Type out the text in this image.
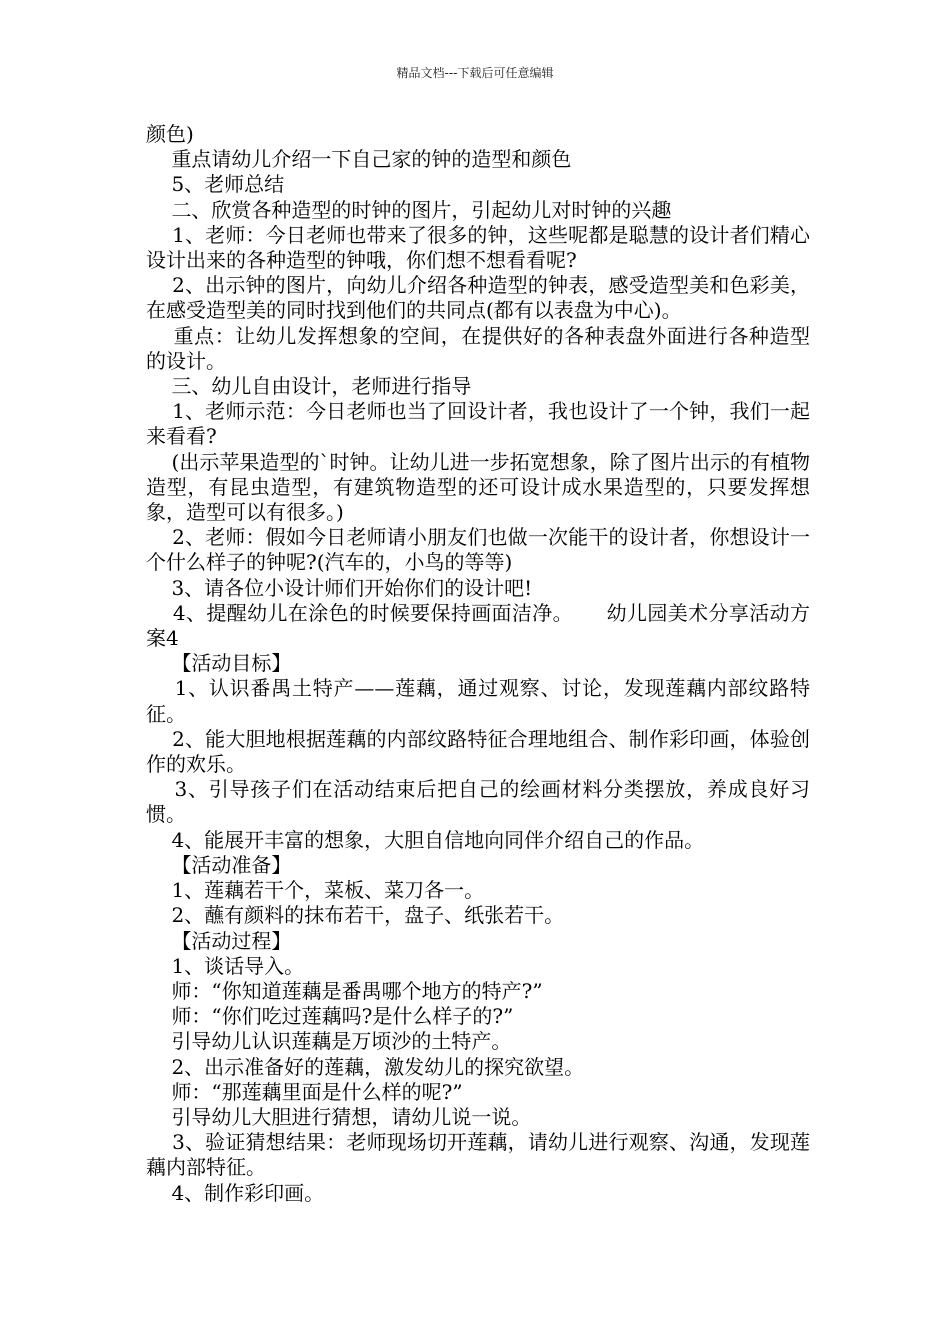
精品文档---下载后可任意编辑

颜色)

重点请幼儿介绍一下自己家的钟的造型和颜色

5、老师总结

二、欣赏各种造型的时钟的图片，引起幼儿对时钟的兴趣

1、老师：今日老师也带来了很多的钟，这些呢都是聪慧的设计者们精心设计出来的各种造型的钟哦，你们想不想看看呢?

2、出示钟的图片，向幼儿介绍各种造型的钟表，感受造型美和色彩美，在感受造型美的同时找到他们的共同点(都有以表盘为中心)。

重点：让幼儿发挥想象的空间，在提供好的各种表盘外面进行各种造型的设计。

三、幼儿自由设计，老师进行指导

1、老师示范：今日老师也当了回设计者，我也设计了一个钟，我们一起来看看?

(出示苹果造型的`时钟。让幼儿进一步拓宽想象，除了图片出示的有植物造型，有昆虫造型，有建筑物造型的还可设计成水果造型的，只要发挥想象，造型可以有很多。)

2、老师：假如今日老师请小朋友们也做一次能干的设计者，你想设计一个什么样子的钟呢?(汽车的，小鸟的等等)

3、请各位小设计师们开始你们的设计吧!

4、提醒幼儿在涂色的时候要保持画面洁净。     幼儿园美术分享活动方案4

【活动目标】

1、认识番禺土特产——莲藕，通过观察、讨论，发现莲藕内部纹路特征。

2、能大胆地根据莲藕的内部纹路特征合理地组合、制作彩印画，体验创作的欢乐。

3、引导孩子们在活动结束后把自己的绘画材料分类摆放，养成良好习惯。

4、能展开丰富的想象，大胆自信地向同伴介绍自己的作品。

【活动准备】

1、莲藕若干个，菜板、菜刀各一。

2、蘸有颜料的抹布若干，盘子、纸张若干。

【活动过程】

1、谈话导入。

师：“你知道莲藕是番禺哪个地方的特产?”

师：“你们吃过莲藕吗?是什么样子的?”

引导幼儿认识莲藕是万顷沙的土特产。

2、出示准备好的莲藕，激发幼儿的探究欲望。

师：“那莲藕里面是什么样的呢?”

引导幼儿大胆进行猜想，请幼儿说一说。

3、验证猜想结果：老师现场切开莲藕，请幼儿进行观察、沟通，发现莲藕内部特征。

4、制作彩印画。
